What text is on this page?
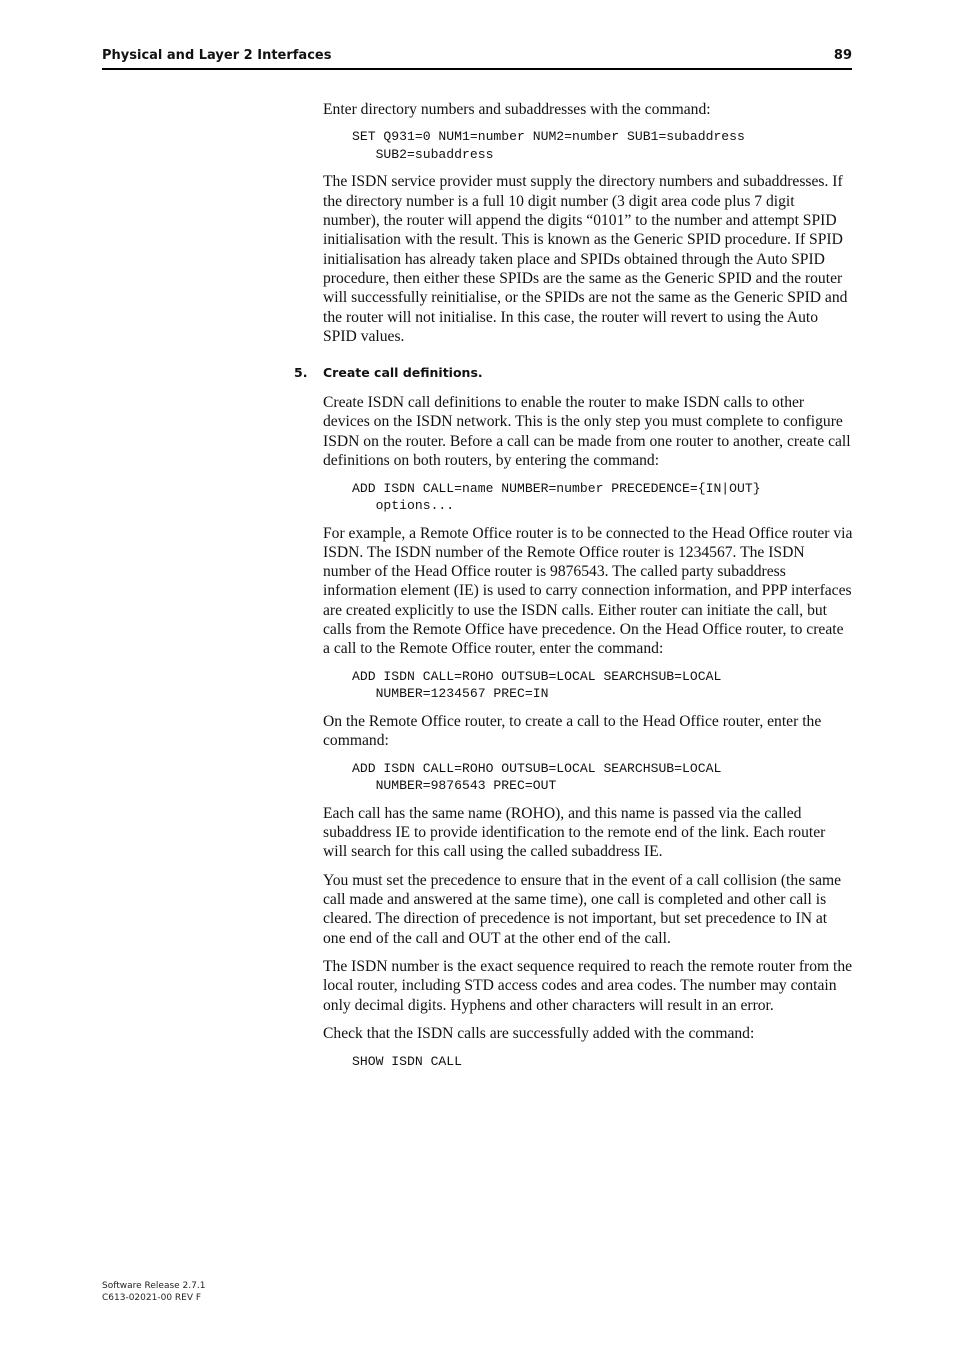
Physical and Layer 2 Interfaces	89

Enter directory numbers and subaddresses with the command:

SET Q931=0 NUM1=number NUM2=number SUB1=subaddress
SUB2=subaddress

The ISDN service provider must supply the directory numbers and subaddresses. If the directory number is a full 10 digit number (3 digit area code plus 7 digit number), the router will append the digits “0101” to the number and attempt SPID initialisation with the result. This is known as the Generic SPID procedure. If SPID initialisation has already taken place and SPIDs obtained through the Auto SPID procedure, then either these SPIDs are the same as the Generic SPID and the router will successfully reinitialise, or the SPIDs are not the same as the Generic SPID and the router will not initialise. In this case, the router will revert to using the Auto SPID values.

5. Create call definitions.

Create ISDN call definitions to enable the router to make ISDN calls to other devices on the ISDN network. This is the only step you must complete to configure ISDN on the router. Before a call can be made from one router to another, create call definitions on both routers, by entering the command:

ADD ISDN CALL=name NUMBER=number PRECEDENCE={IN|OUT}
options...

For example, a Remote Office router is to be connected to the Head Office router via ISDN. The ISDN number of the Remote Office router is 1234567. The ISDN number of the Head Office router is 9876543. The called party subaddress information element (IE) is used to carry connection information, and PPP interfaces are created explicitly to use the ISDN calls. Either router can initiate the call, but calls from the Remote Office have precedence. On the Head Office router, to create a call to the Remote Office router, enter the command:

ADD ISDN CALL=ROHO OUTSUB=LOCAL SEARCHSUB=LOCAL
NUMBER=1234567 PREC=IN

On the Remote Office router, to create a call to the Head Office router, enter the command:

ADD ISDN CALL=ROHO OUTSUB=LOCAL SEARCHSUB=LOCAL
NUMBER=9876543 PREC=OUT

Each call has the same name (ROHO), and this name is passed via the called subaddress IE to provide identification to the remote end of the link. Each router will search for this call using the called subaddress IE.

You must set the precedence to ensure that in the event of a call collision (the same call made and answered at the same time), one call is completed and other call is cleared. The direction of precedence is not important, but set precedence to IN at one end of the call and OUT at the other end of the call.

The ISDN number is the exact sequence required to reach the remote router from the local router, including STD access codes and area codes. The number may contain only decimal digits. Hyphens and other characters will result in an error.

Check that the ISDN calls are successfully added with the command:

SHOW ISDN CALL
Software Release 2.7.1
C613-02021-00 REV F
